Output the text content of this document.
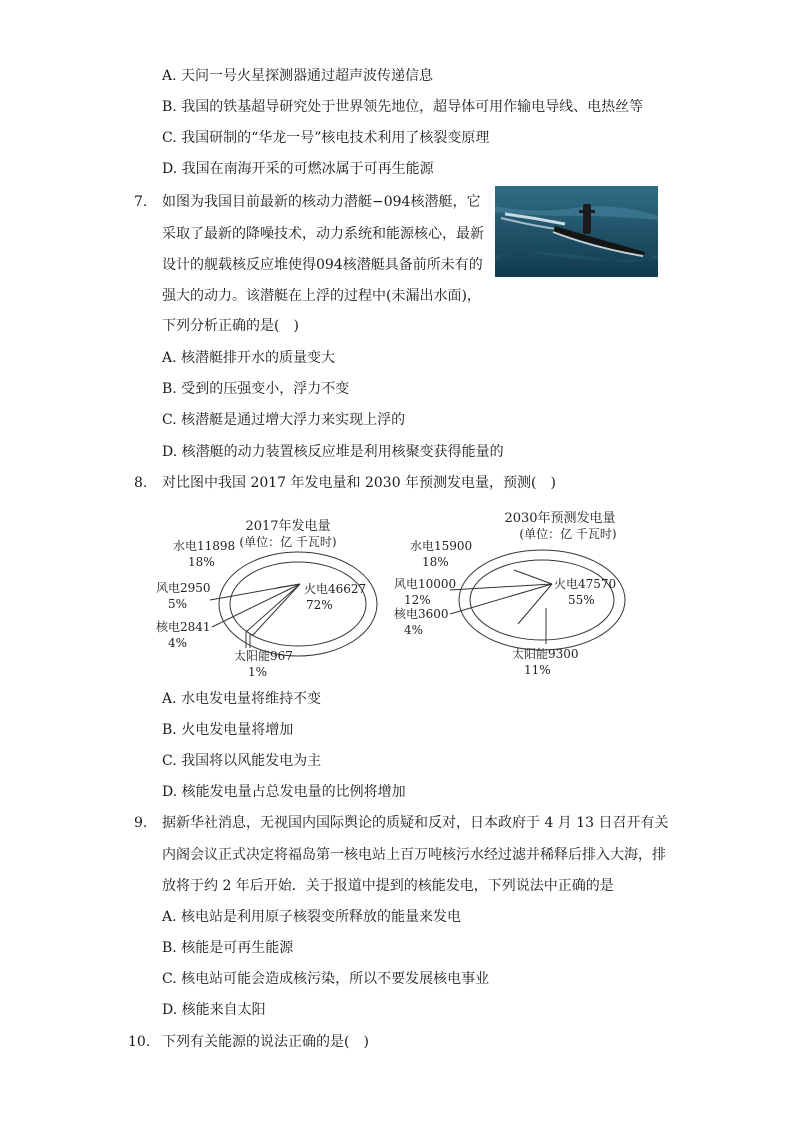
A. 天问一号火星探测器通过超声波传递信息
B. 我国的铁基超导研究处于世界领先地位，超导体可用作输电导线、电热丝等
C. 我国研制的“华龙一号”核电技术利用了核裂变原理
D. 我国在南海开采的可燃冰属于可再生能源
7. 如图为我国目前最新的核动力潜艇−094核潜艇，它
采取了最新的降噪技术，动力系统和能源核心，最新
设计的舰载核反应堆使得094核潜艇具备前所未有的
强大的动力。该潜艇在上浮的过程中(未漏出水面)，
下列分析正确的是(　)
A. 核潜艇排开水的质量变大
B. 受到的压强变小，浮力不变
C. 核潜艇是通过增大浮力来实现上浮的
D. 核潜艇的动力装置核反应堆是利用核聚变获得能量的
8. 对比图中我国 2017 年发电量和 2030 年预测发电量，预测(　)
2017年发电量
(单位：亿 千瓦时)
水电11898
18%
火电46627
72%
风电2950
5%
核电2841
4%
太阳能967
1%
2030年预测发电量
(单位：亿 千瓦时)
水电15900
18%
火电47570
55%
风电10000
12%
核电3600
4%
太阳能9300
11%
A. 水电发电量将维持不变
B. 火电发电量将增加
C. 我国将以风能发电为主
D. 核能发电量占总发电量的比例将增加
9. 据新华社消息，无视国内国际舆论的质疑和反对，日本政府于 4 月 13 日召开有关
内阁会议正式决定将福岛第一核电站上百万吨核污水经过滤并稀释后排入大海，排
放将于约 2 年后开始．关于报道中提到的核能发电，下列说法中正确的是
A. 核电站是利用原子核裂变所释放的能量来发电
B. 核能是可再生能源
C. 核电站可能会造成核污染，所以不要发展核电事业
D. 核能来自太阳
10. 下列有关能源的说法正确的是(　)
